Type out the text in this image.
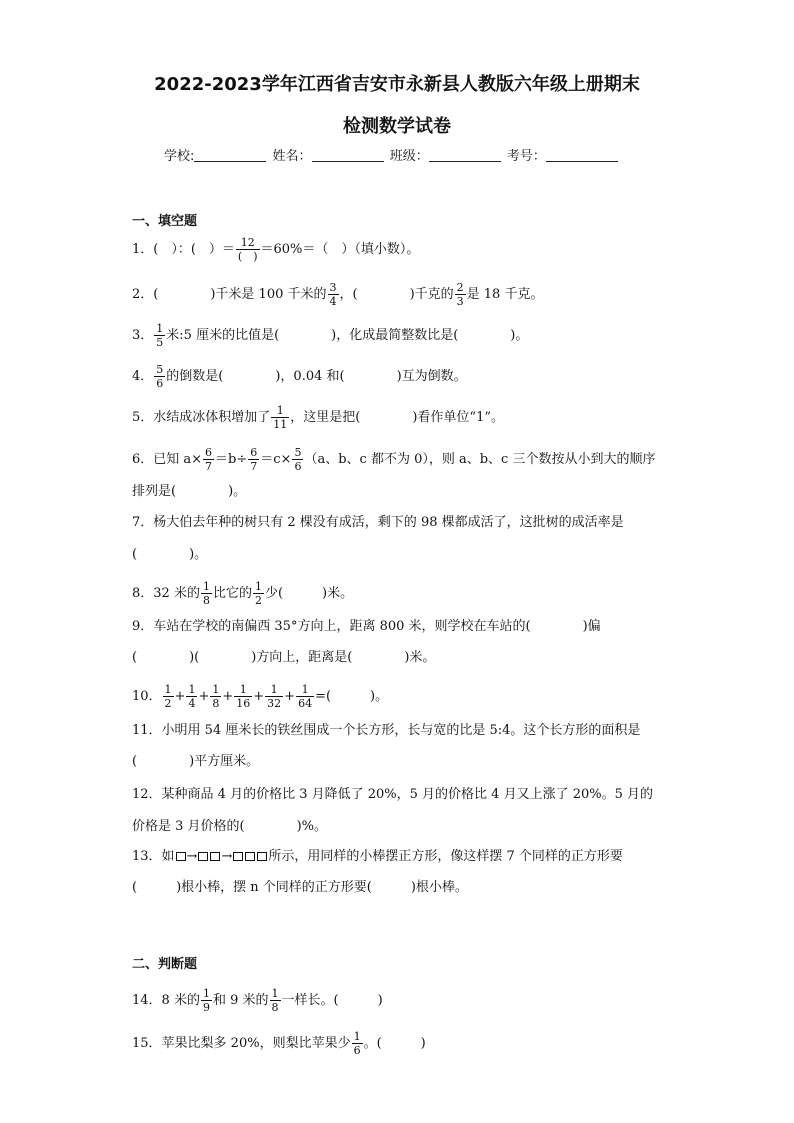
2022-2023学年江西省吉安市永新县人教版六年级上册期末
检测数学试卷
学校:	姓名：	班级：	考号：
一、填空题
1．(　）：(　）＝ $\frac{12}{( )} =60\%=$（　）（填小数）。
2．(　　　　)千米是 100 千米的 $\frac{3}{4}$ ，(　　　　)千克的 $\frac{2}{3}$ 是 18 千克。
3． $\frac{1}{5}$ 米:5 厘米的比值是(　　　　)，化成最简整数比是(　　　　)。
4． $\frac{5}{6}$ 的倒数是(　　　　)，0.04 和(　　　　)互为倒数。
5．水结成冰体积增加了 $\frac{1}{11}$ ，这里是把(　　　　)看作单位“1”。
6．已知 $a\times \frac{6}{7} =b\div \frac{6}{7} =c\times \frac{5}{6} (a$、b、c 都不为 0），则 a、b、c 三个数按从小到大的顺序
排列是(　　　　)。
7．杨大伯去年种的树只有 2 棵没有成活，剩下的 98 棵都成活了，这批树的成活率是
(　　　　)。
8．32 米的 $\frac{1}{8}$ 比它的 $\frac{1}{2}$ 少(　　　)米。
9．车站在学校的南偏西 35°方向上，距离 800 米，则学校在车站的(　　　　)偏
(　　　　)(　　　　)方向上，距离是(　　　　)米。
10． $\frac{1}{2} + \frac{1}{4} + \frac{1}{8} + \frac{1}{16} + \frac{1}{32} + \frac{1}{64}$ =(　　　)。
11．小明用 54 厘米长的铁丝围成一个长方形，长与宽的比是 5:4。这个长方形的面积是
(　　　　)平方厘米。
12．某种商品 4 月的价格比 3 月降低了 20%，5 月的价格比 4 月又上涨了 20%。5 月的
价格是 3 月价格的(　　　　)%。
13．如 → →	所示，用同样的小棒摆正方形，像这样摆 7 个同样的正方形要
(　　　)根小棒，摆 n 个同样的正方形要(　　　)根小棒。
二、判断题
14．8 米的 $\frac{1}{9}$ 和 9 米的 $\frac{1}{8}$ 一样长。(　　　)
15．苹果比梨多 20%，则梨比苹果少 $\frac{1}{6}$ 。(　　　)
